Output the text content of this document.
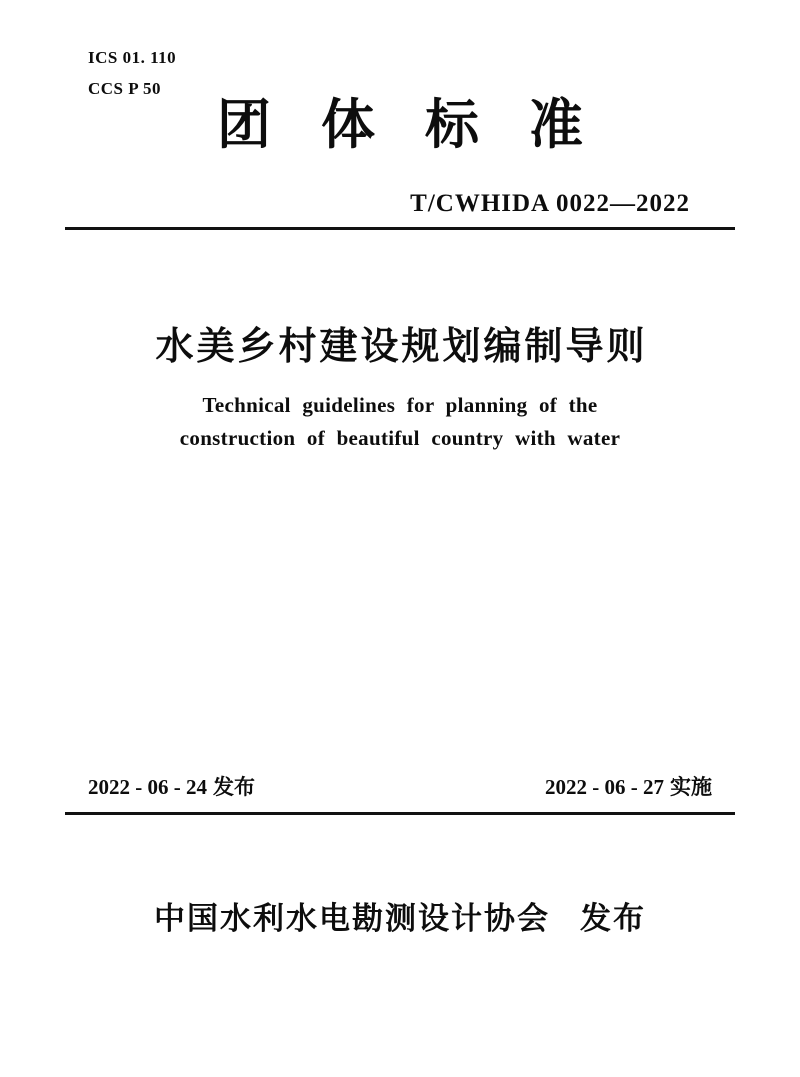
ICS 01. 110
CCS P 50
团体标准
T/CWHIDA 0022—2022
水美乡村建设规划编制导则
Technical guidelines for planning of the
construction of beautiful country with water
2022 - 06 - 24 发布	2022 - 06 - 27 实施
中国水利水电勘测设计协会 发布
